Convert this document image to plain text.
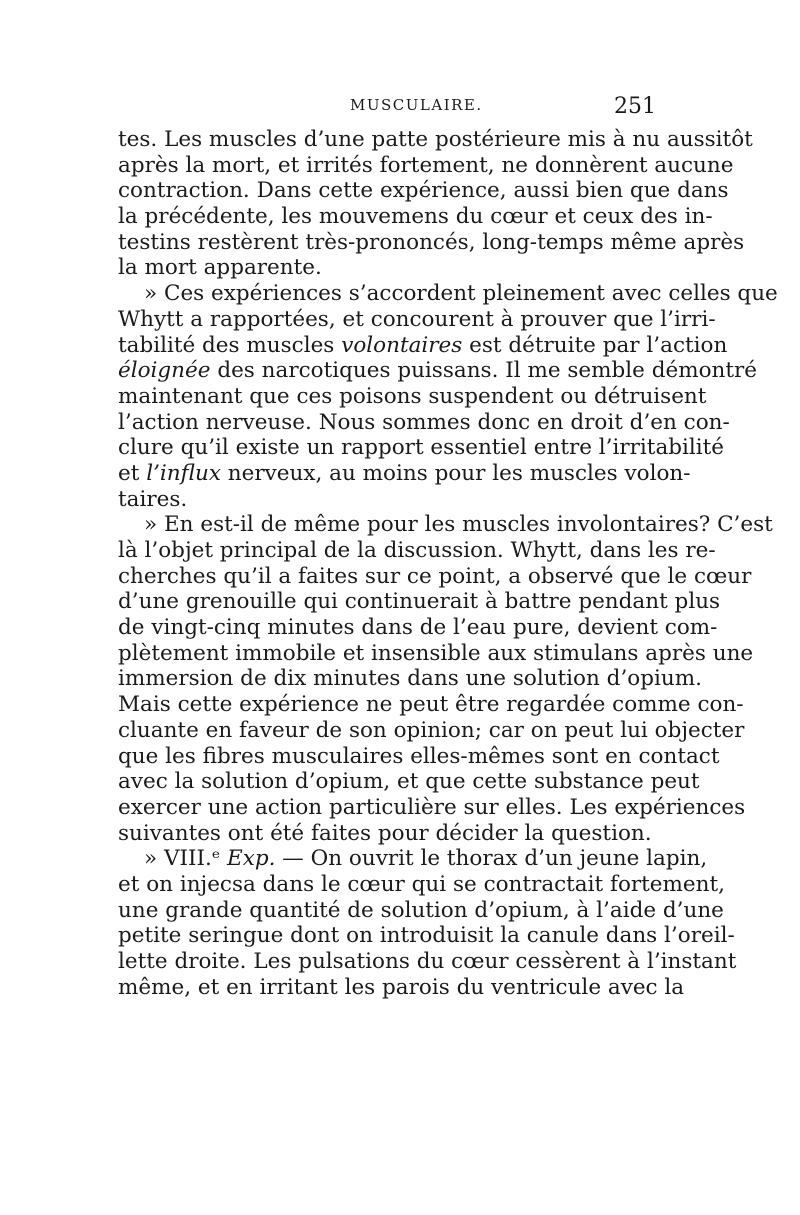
MUSCULAIRE.	251
tes. Les muscles d’une patte postérieure mis à nu aussitôt
après la mort, et irrités fortement, ne donnèrent aucune
contraction. Dans cette expérience, aussi bien que dans
la précédente, les mouvemens du cœur et ceux des in-
testins restèrent très-prononcés, long-temps même après
la mort apparente.
» Ces expériences s’accordent pleinement avec celles que
Whytt a rapportées, et concourent à prouver que l’irri-
tabilité des muscles volontaires est détruite par l’action
éloignée des narcotiques puissans. Il me semble démontré
maintenant que ces poisons suspendent ou détruisent
l’action nerveuse. Nous sommes donc en droit d’en con-
clure qu’il existe un rapport essentiel entre l’irritabilité
et l’influx nerveux, au moins pour les muscles volon-
taires.
» En est-il de même pour les muscles involontaires? C’est
là l’objet principal de la discussion. Whytt, dans les re-
cherches qu’il a faites sur ce point, a observé que le cœur
d’une grenouille qui continuerait à battre pendant plus
de vingt-cinq minutes dans de l’eau pure, devient com-
plètement immobile et insensible aux stimulans après une
immersion de dix minutes dans une solution d’opium.
Mais cette expérience ne peut être regardée comme con-
cluante en faveur de son opinion; car on peut lui objecter
que les fibres musculaires elles-mêmes sont en contact
avec la solution d’opium, et que cette substance peut
exercer une action particulière sur elles. Les expériences
suivantes ont été faites pour décider la question.
» VIII.ᵉ Exp. — On ouvrit le thorax d’un jeune lapin,
et on injecsa dans le cœur qui se contractait fortement,
une grande quantité de solution d’opium, à l’aide d’une
petite seringue dont on introduisit la canule dans l’oreil-
lette droite. Les pulsations du cœur cessèrent à l’instant
même, et en irritant les parois du ventricule avec la
